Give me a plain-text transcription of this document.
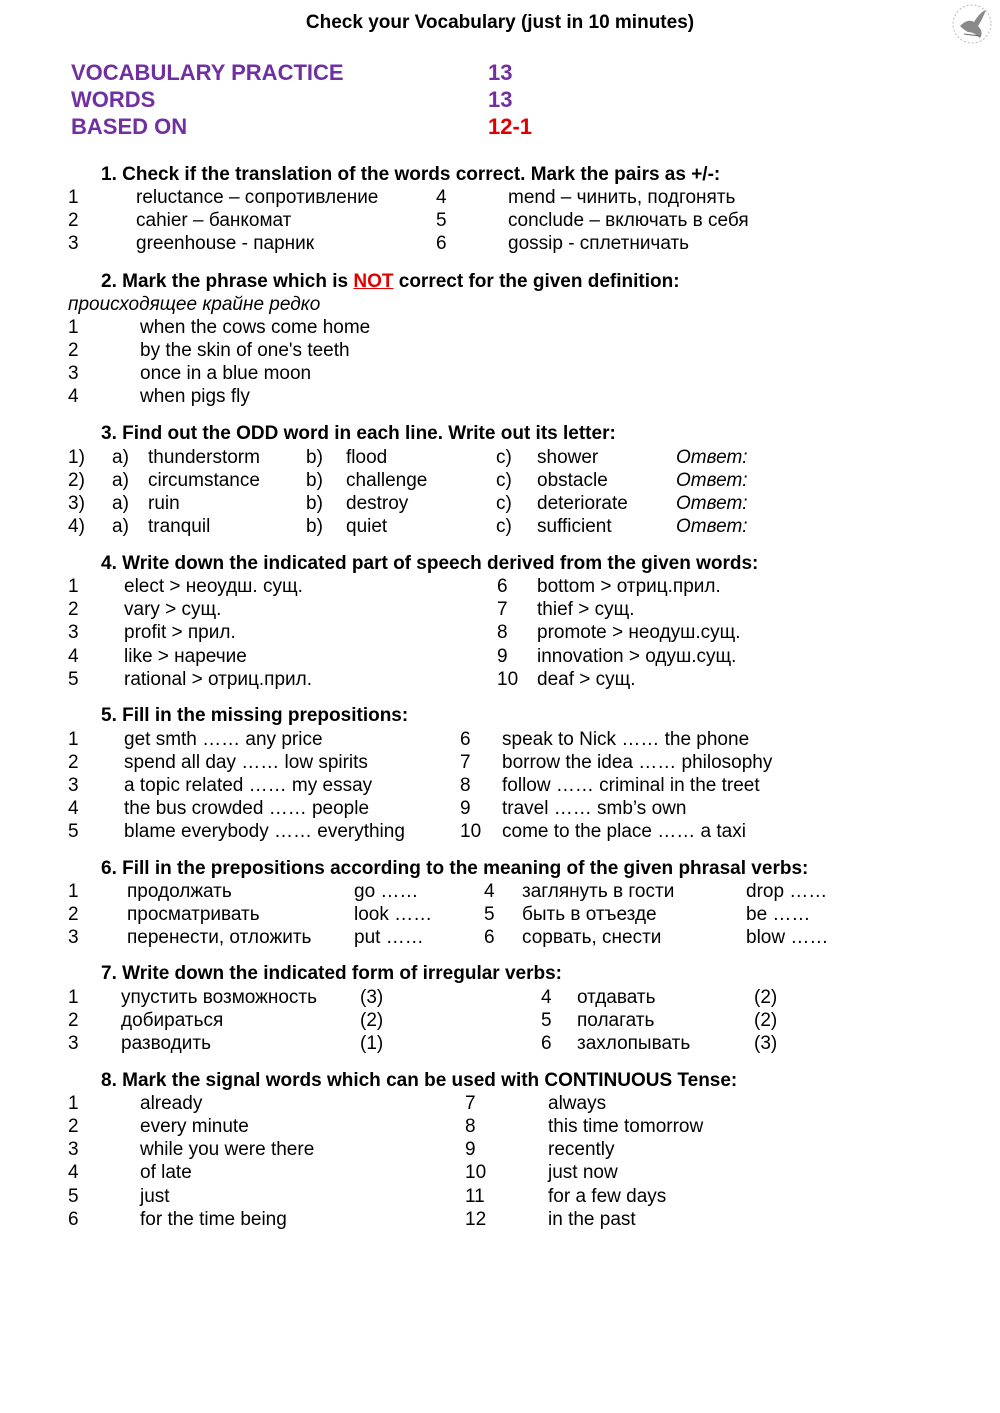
Check your Vocabulary (just in 10 minutes)
VOCABULARY PRACTICE	13
WORDS	13
BASED ON	12-1
1. Check if the translation of the words correct. Mark the pairs as +/-:
1	reluctance – сопротивление
2	cahier – банкомат
3	greenhouse - парник
4	mend – чинить, подгонять
5	conclude – включать в себя
6	gossip - сплетничать
2. Mark the phrase which is NOT correct for the given definition:
происходящее крайне редко
1	when the cows come home
2	by the skin of one's teeth
3	once in a blue moon
4	when pigs fly
3. Find out the ODD word in each line. Write out its letter:
1) a) thunderstorm b) flood	c) shower	Ответ:
2) a) circumstance b) challenge	c) obstacle	Ответ:
3) a) ruin	b) destroy	c) deteriorate	Ответ:
4) a) tranquil	b) quiet	c) sufficient	Ответ:
4. Write down the indicated part of speech derived from the given words:
1 elect > неоудш. сущ.
2 vary > сущ.
3 profit > прил.
4 like > наречие
5 rational > отриц.прил.
6 bottom > отриц.прил.
7 thief > сущ.
8 promote > неодуш.сущ.
9 innovation > одуш.сущ.
10 deaf > сущ.
5. Fill in the missing prepositions:
1 get smth …… any price
2 spend all day …… low spirits
3 a topic related …… my essay
4 the bus crowded …… people
5 blame everybody …… everything
6 speak to Nick …… the phone
7 borrow the idea …… philosophy
8 follow …… criminal in the treet
9 travel …… smb’s own
10 come to the place …… a taxi
6. Fill in the prepositions according to the meaning of the given phrasal verbs:
1	продолжать	go ……
2	просматривать	look ……
3	перенести, отложить put ……
4 заглянуть в гости	drop ……
5 быть в отъезде	be ……
6 сорвать, снести	blow ……
7. Write down the indicated form of irregular verbs:
1 упустить возможность (3)
2 добираться	(2)
3 разводить	(1)
4 отдавать	(2)
5 полагать	(2)
6 захлопывать	(3)
8. Mark the signal words which can be used with CONTINUOUS Tense:
1	already
2	every minute
3	while you were there
4	of late
5	just
6	for the time being
7	always
8	this time tomorrow
9	recently
10	just now
11	for a few days
12	in the past
